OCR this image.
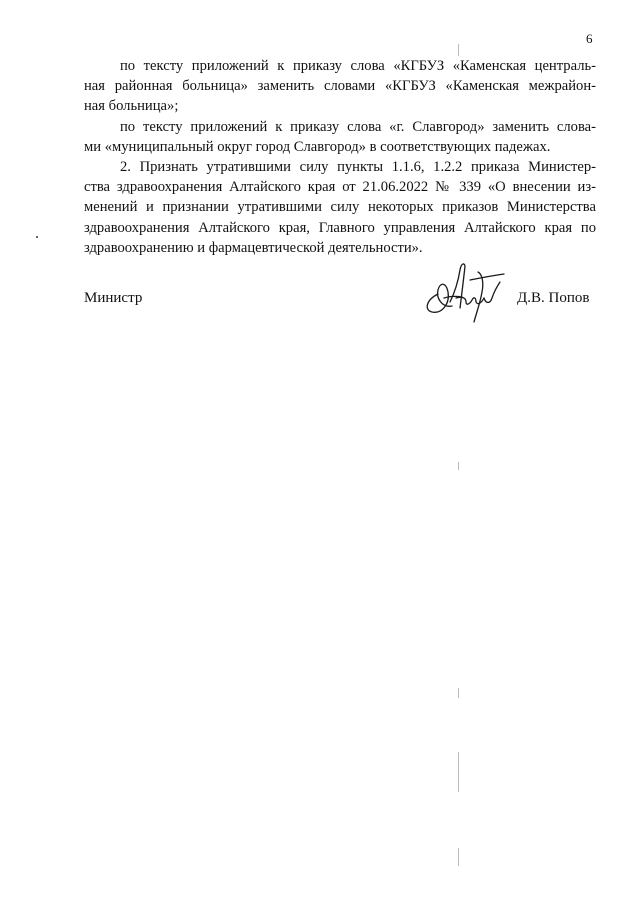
6

по тексту приложений к приказу слова «КГБУЗ «Каменская централь-
ная районная больница» заменить словами «КГБУЗ «Каменская межрайон-
ная больница»;

по тексту приложений к приказу слова «г. Славгород» заменить слова-
ми «муниципальный округ город Славгород» в соответствующих падежах.

2. Признать утратившими силу пункты 1.1.6, 1.2.2 приказа Министер-
ства здравоохранения Алтайского края от 21.06.2022 № 339 «О внесении из-
менений и признании утратившими силу некоторых приказов Министерства
здравоохранения Алтайского края, Главного управления Алтайского края по
здравоохранению и фармацевтической деятельности».

Министр	Д.В. Попов
